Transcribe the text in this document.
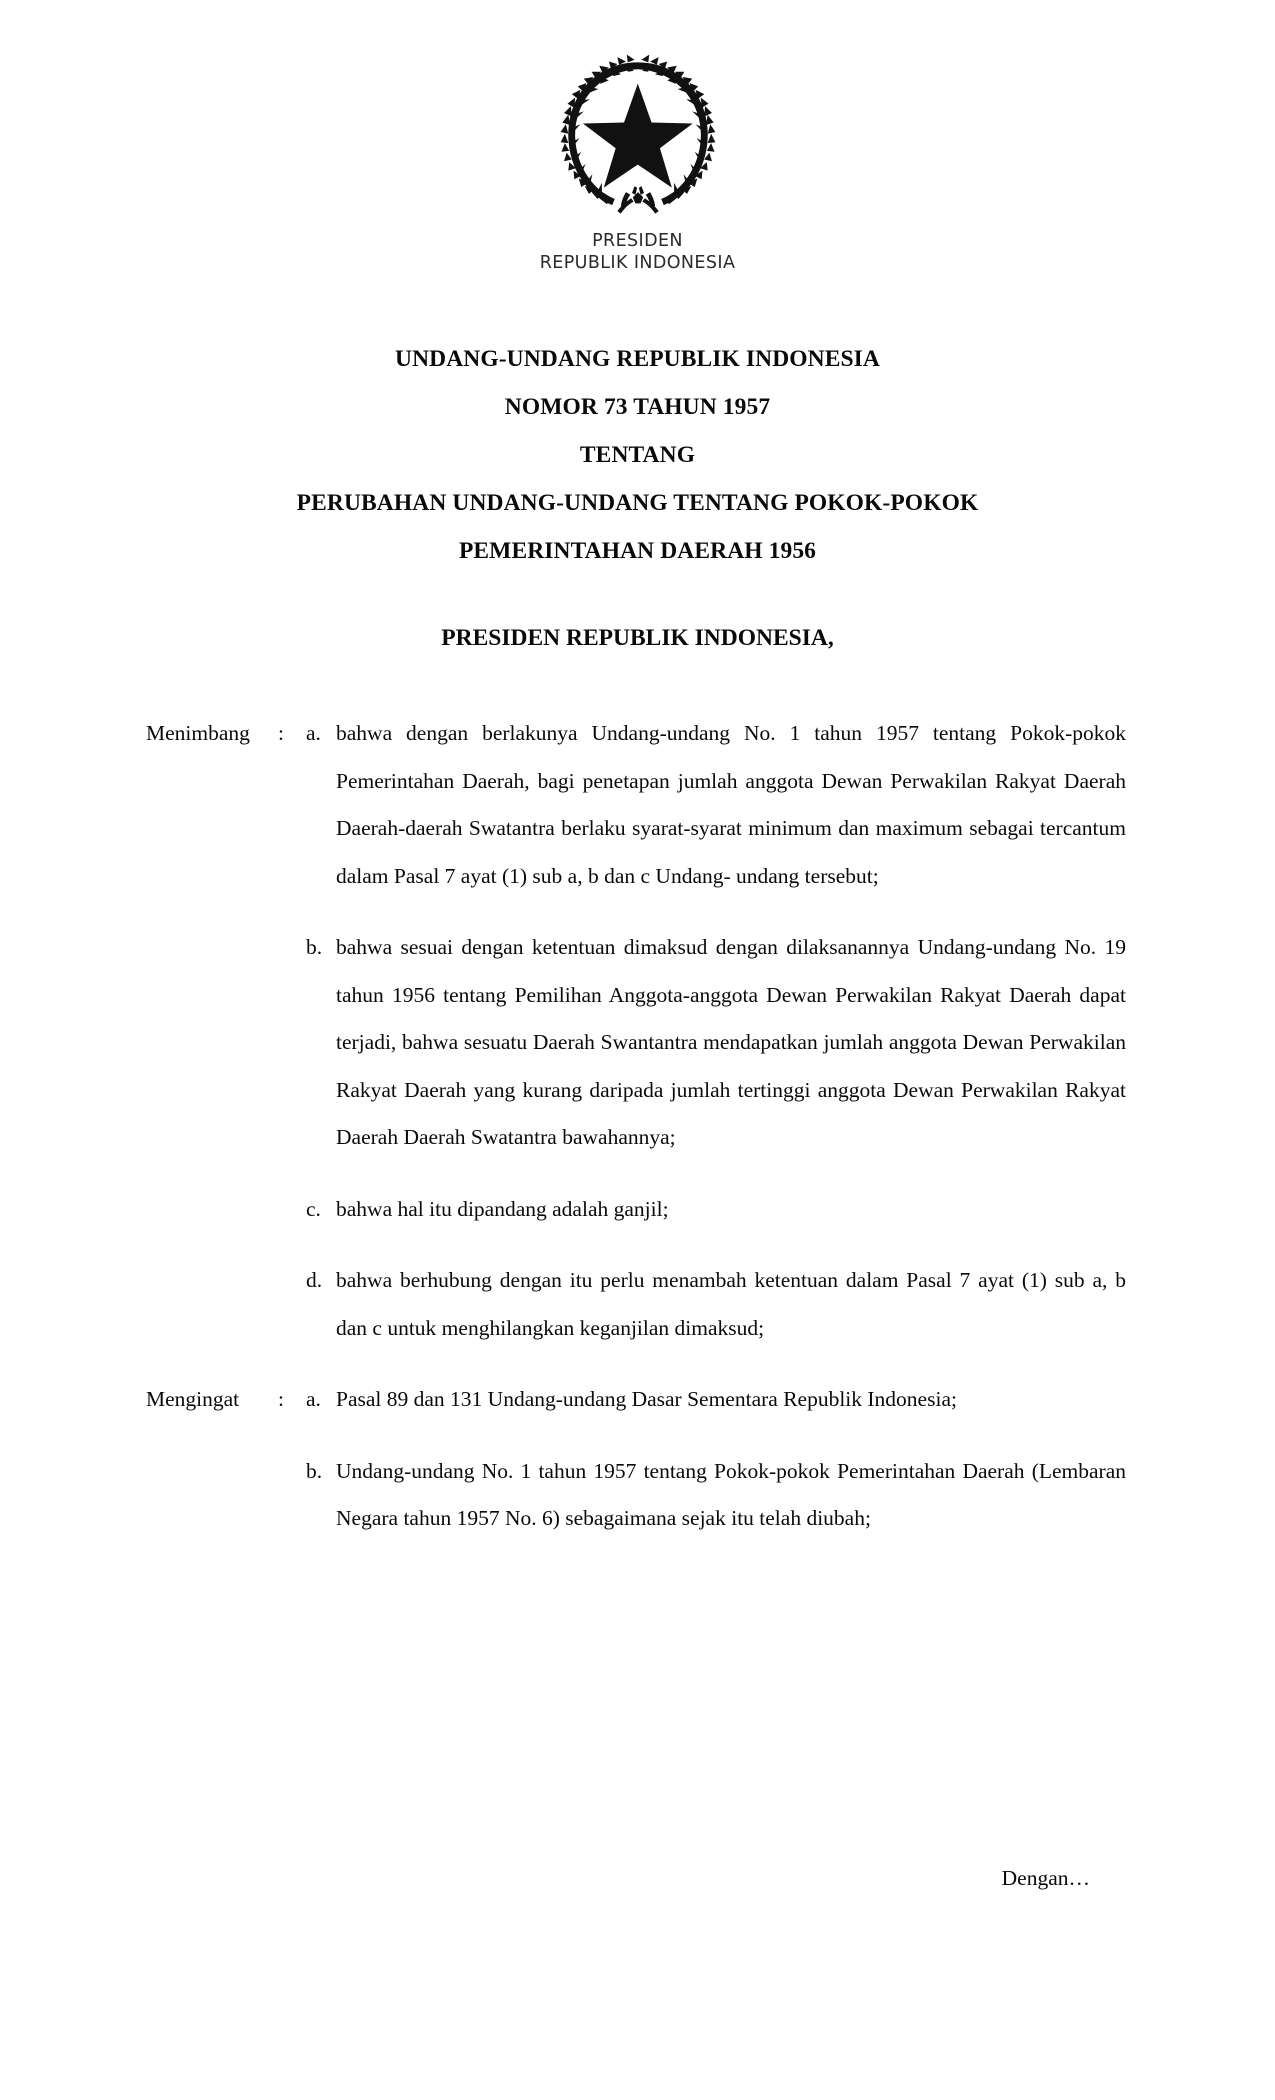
PRESIDEN
REPUBLIK INDONESIA
UNDANG-UNDANG REPUBLIK INDONESIA
NOMOR 73 TAHUN 1957
TENTANG
PERUBAHAN UNDANG-UNDANG TENTANG POKOK-POKOK
PEMERINTAHAN DAERAH 1956
PRESIDEN REPUBLIK INDONESIA,
Menimbang	:	a. bahwa dengan berlakunya Undang-undang No. 1 tahun 1957 tentang Pokok-pokok Pemerintahan Daerah, bagi penetapan jumlah anggota Dewan Perwakilan Rakyat Daerah Daerah-daerah Swatantra berlaku syarat-syarat minimum dan maximum sebagai tercantum dalam Pasal 7 ayat (1) sub a, b dan c Undang- undang tersebut;
b. bahwa sesuai dengan ketentuan dimaksud dengan dilaksanannya Undang-undang No. 19 tahun 1956 tentang Pemilihan Anggota-anggota Dewan Perwakilan Rakyat Daerah dapat terjadi, bahwa sesuatu Daerah Swantantra mendapatkan jumlah anggota Dewan Perwakilan Rakyat Daerah yang kurang daripada jumlah tertinggi anggota Dewan Perwakilan Rakyat Daerah Daerah Swatantra bawahannya;
c. bahwa hal itu dipandang adalah ganjil;
d. bahwa berhubung dengan itu perlu menambah ketentuan dalam Pasal 7 ayat (1) sub a, b dan c untuk menghilangkan keganjilan dimaksud;
Mengingat	:	a. Pasal 89 dan 131 Undang-undang Dasar Sementara Republik Indonesia;
b. Undang-undang No. 1 tahun 1957 tentang Pokok-pokok Pemerintahan Daerah (Lembaran Negara tahun 1957 No. 6) sebagaimana sejak itu telah diubah;
Dengan…
